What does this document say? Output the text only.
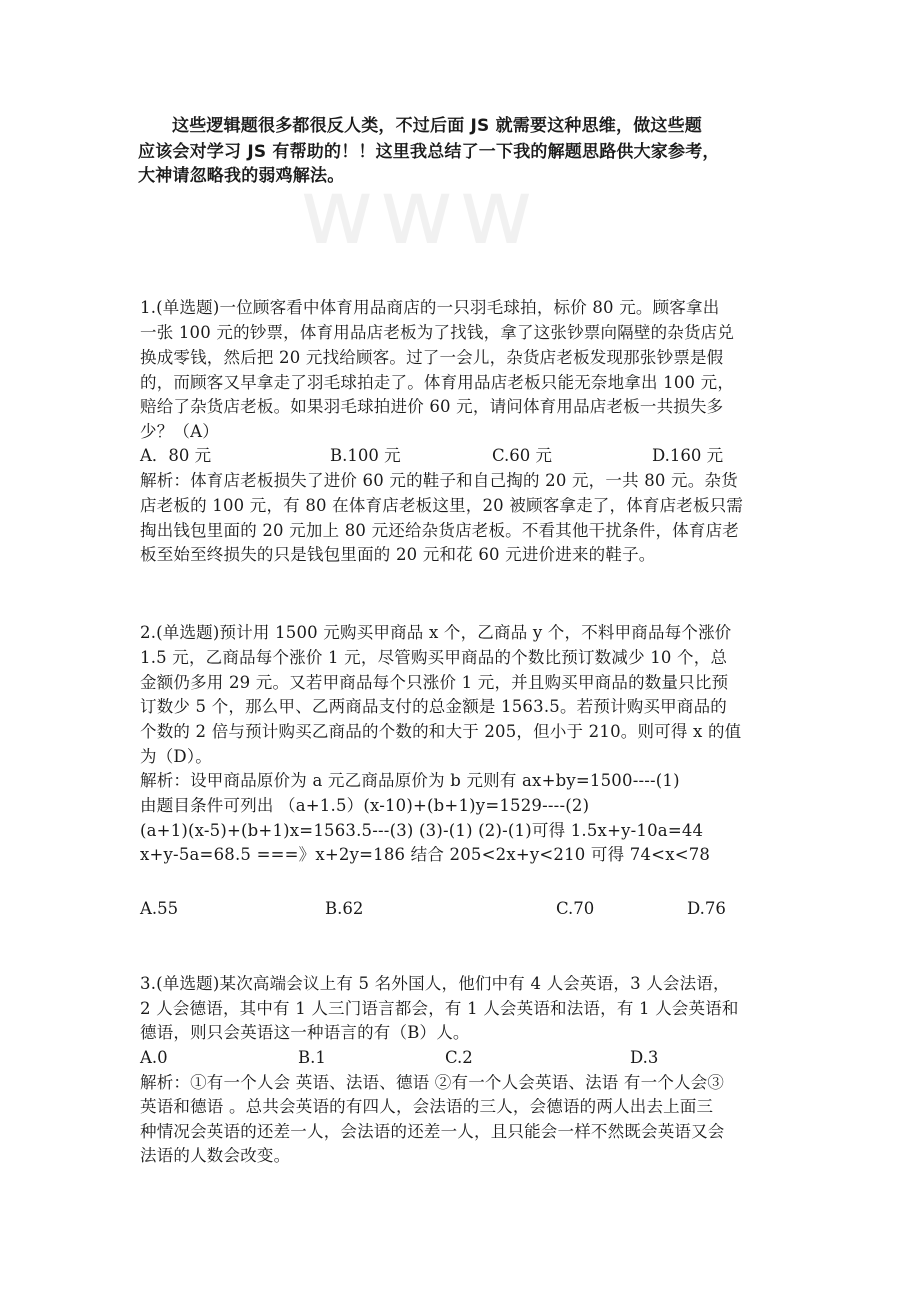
www
这些逻辑题很多都很反人类，不过后面 JS 就需要这种思维，做这些题
应该会对学习 JS 有帮助的！！这里我总结了一下我的解题思路供大家参考，
大神请忽略我的弱鸡解法。
1.(单选题)一位顾客看中体育用品商店的一只羽毛球拍，标价 80 元。顾客拿出
一张 100 元的钞票，体育用品店老板为了找钱，拿了这张钞票向隔壁的杂货店兑
换成零钱，然后把 20 元找给顾客。过了一会儿，杂货店老板发现那张钞票是假
的，而顾客又早拿走了羽毛球拍走了。体育用品店老板只能无奈地拿出 100 元，
赔给了杂货店老板。如果羽毛球拍进价 60 元，请问体育用品店老板一共损失多
少？（A）
A．80 元	B.100 元	C.60 元	D.160 元
解析：体育店老板损失了进价 60 元的鞋子和自己掏的 20 元，一共 80 元。杂货
店老板的 100 元，有 80 在体育店老板这里，20 被顾客拿走了，体育店老板只需
掏出钱包里面的 20 元加上 80 元还给杂货店老板。不看其他干扰条件，体育店老
板至始至终损失的只是钱包里面的 20 元和花 60 元进价进来的鞋子。
2.(单选题)预计用 1500 元购买甲商品 x 个，乙商品 y 个，不料甲商品每个涨价
1.5 元，乙商品每个涨价 1 元，尽管购买甲商品的个数比预订数减少 10 个，总
金额仍多用 29 元。又若甲商品每个只涨价 1 元，并且购买甲商品的数量只比预
订数少 5 个，那么甲、乙两商品支付的总金额是 1563.5。若预计购买甲商品的
个数的 2 倍与预计购买乙商品的个数的和大于 205，但小于 210。则可得 x 的值
为（D）。
解析：设甲商品原价为 a 元乙商品原价为 b 元则有 ax+by=1500----(1)
由题目条件可列出 （a+1.5）(x-10)+(b+1)y=1529----(2)
(a+1)(x-5)+(b+1)x=1563.5---(3) (3)-(1) (2)-(1)可得 1.5x+y-10a=44
x+y-5a=68.5 ===》x+2y=186 结合 205<2x+y<210 可得 74<x<78
A.55	B.62	C.70	D.76
3.(单选题)某次高端会议上有 5 名外国人，他们中有 4 人会英语，3 人会法语，
2 人会德语，其中有 1 人三门语言都会，有 1 人会英语和法语，有 1 人会英语和
德语，则只会英语这一种语言的有（B）人。
A.0	B.1	C.2	D.3
解析：①有一个人会 英语、法语、德语 ②有一个人会英语、法语 有一个人会③
英语和德语 。总共会英语的有四人，会法语的三人，会德语的两人出去上面三
种情况会英语的还差一人，会法语的还差一人，且只能会一样不然既会英语又会
法语的人数会改变。
